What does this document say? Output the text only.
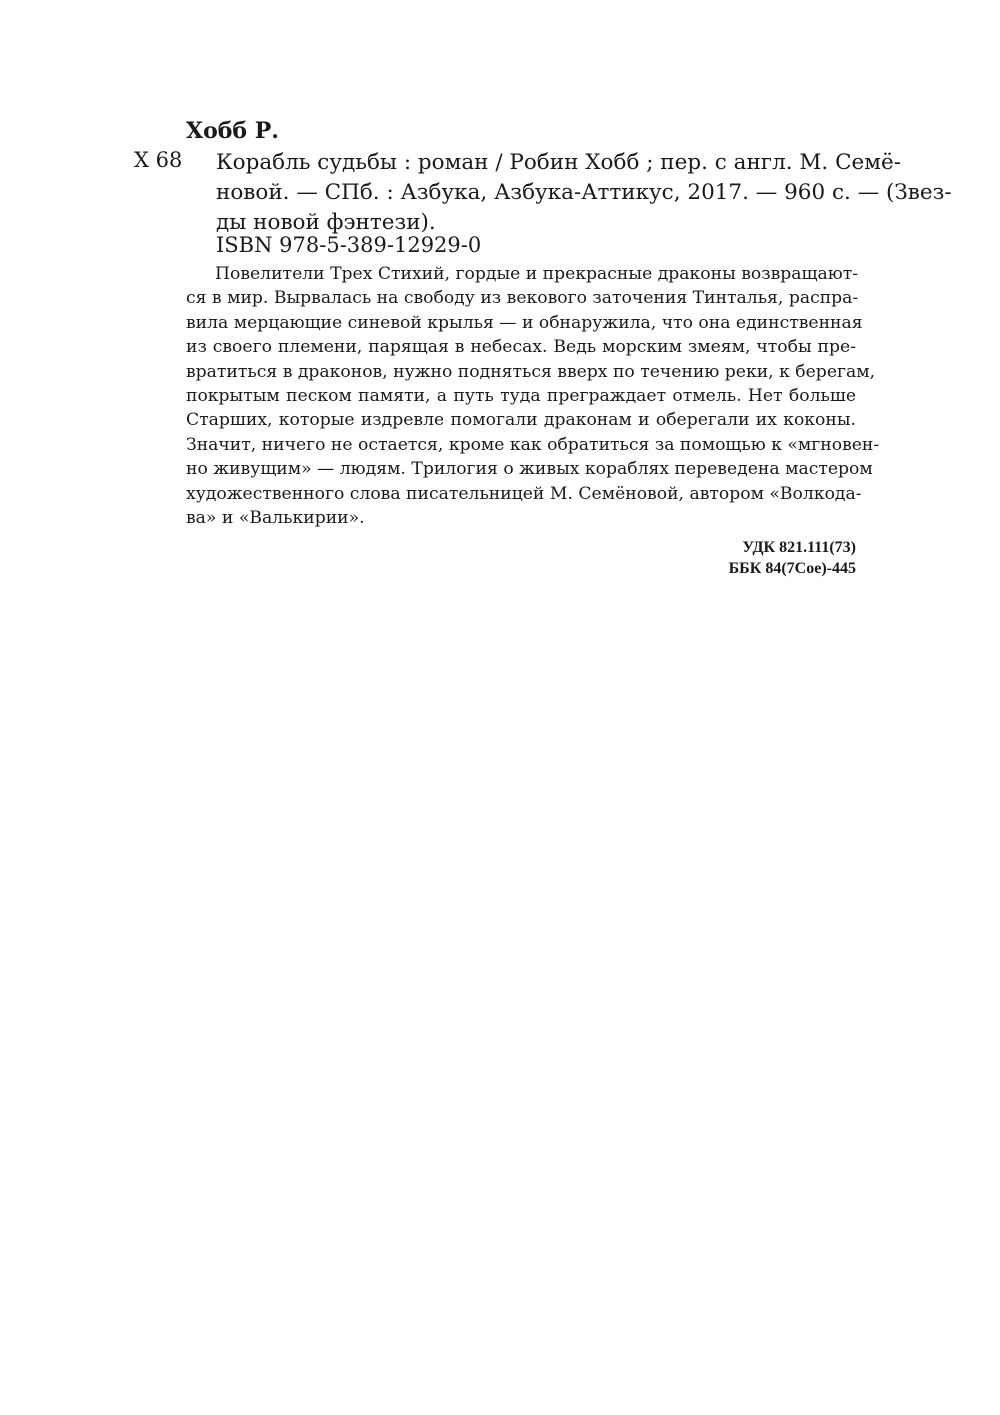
Хобб Р.
Х 68 Корабль судьбы : роман / Робин Хобб ; пер. с англ. М. Семё-
новой. — СПб. : Азбука, Азбука-Аттикус, 2017. — 960 с. — (Звез-
ды новой фэнтези).
ISBN 978-5-389-12929-0
Повелители Трех Стихий, гордые и прекрасные драконы возвращают-
ся в мир. Вырвалась на свободу из векового заточения Тинталья, распра-
вила мерцающие синевой крылья — и обнаружила, что она единственная
из своего племени, парящая в небесах. Ведь морским змеям, чтобы пре-
вратиться в драконов, нужно подняться вверх по течению реки, к берегам,
покрытым песком памяти, а путь туда преграждает отмель. Нет больше
Старших, которые издревле помогали драконам и оберегали их коконы.
Значит, ничего не остается, кроме как обратиться за помощью к «мгновен-
но живущим» — людям. Трилогия о живых кораблях переведена мастером
художественного слова писательницей М. Семёновой, автором «Волкода-
ва» и «Валькирии».
УДК 821.111(73)
ББК 84(7Сое)-445
